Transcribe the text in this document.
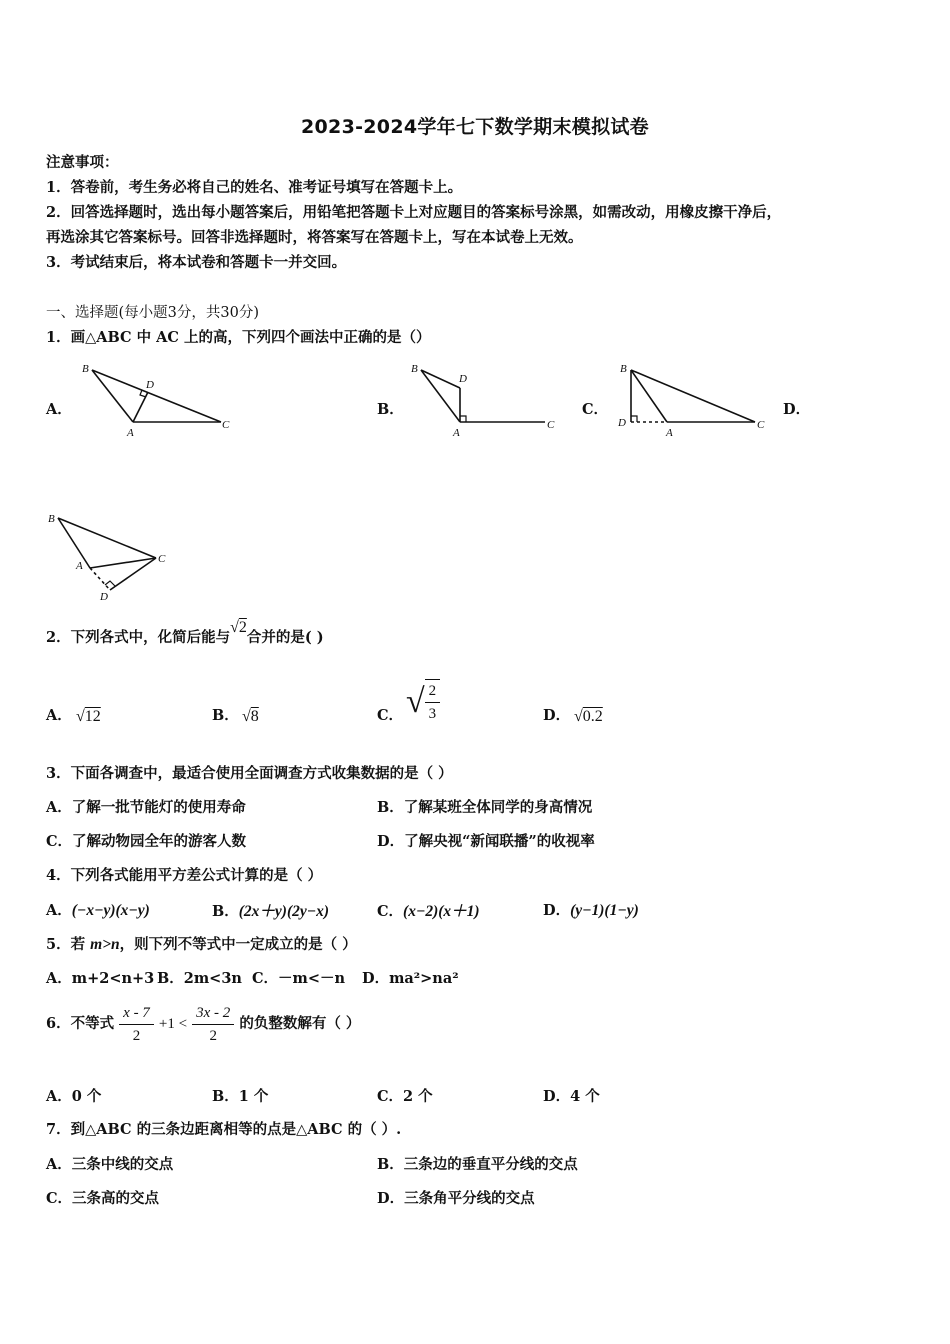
2023-2024学年七下数学期末模拟试卷
注意事项：
1．答卷前，考生务必将自己的姓名、准考证号填写在答题卡上。
2．回答选择题时，选出每小题答案后，用铅笔把答题卡上对应题目的答案标号涂黑，如需改动，用橡皮擦干净后，
再选涂其它答案标号。回答非选择题时，将答案写在答题卡上，写在本试卷上无效。
3．考试结束后，将本试卷和答题卡一并交回。
一、选择题(每小题3分，共30分)
1．画△ABC 中 AC 上的高，下列四个画法中正确的是（）
A．
B
D
A
C
B．
B
D
A
C
C．
B
D
A
C
D．
B
A
C
D
2．下列各式中，化简后能与√2合并的是( )
A． √12	B． √8	C． √ $\frac{2}{3}$	D． √0.2
3．下面各调查中，最适合使用全面调查方式收集数据的是（ ）
A．了解一批节能灯的使用寿命	B．了解某班全体同学的身高情况
C．了解动物园全年的游客人数	D．了解央视“新闻联播”的收视率
4．下列各式能用平方差公式计算的是（ ）
A．(−x−y)(x−y)	B．(2x＋y)(2y−x)	C．(x−2)(x＋1)	D．(y−1)(1−y)
5．若 m>n，则下列不等式中一定成立的是（ ）
A．m+2<n+3 B．2m<3n C．－m<－n D．ma²>na²
6．不等式 $\frac{x - 7}{2} +1 < \frac{3x - 2}{2}$ 的负整数解有（ ）
A．0 个	B．1 个	C．2 个	D．4 个
7．到△ABC 的三条边距离相等的点是△ABC 的（ ）.
A．三条中线的交点	B．三条边的垂直平分线的交点
C．三条高的交点	D．三条角平分线的交点
